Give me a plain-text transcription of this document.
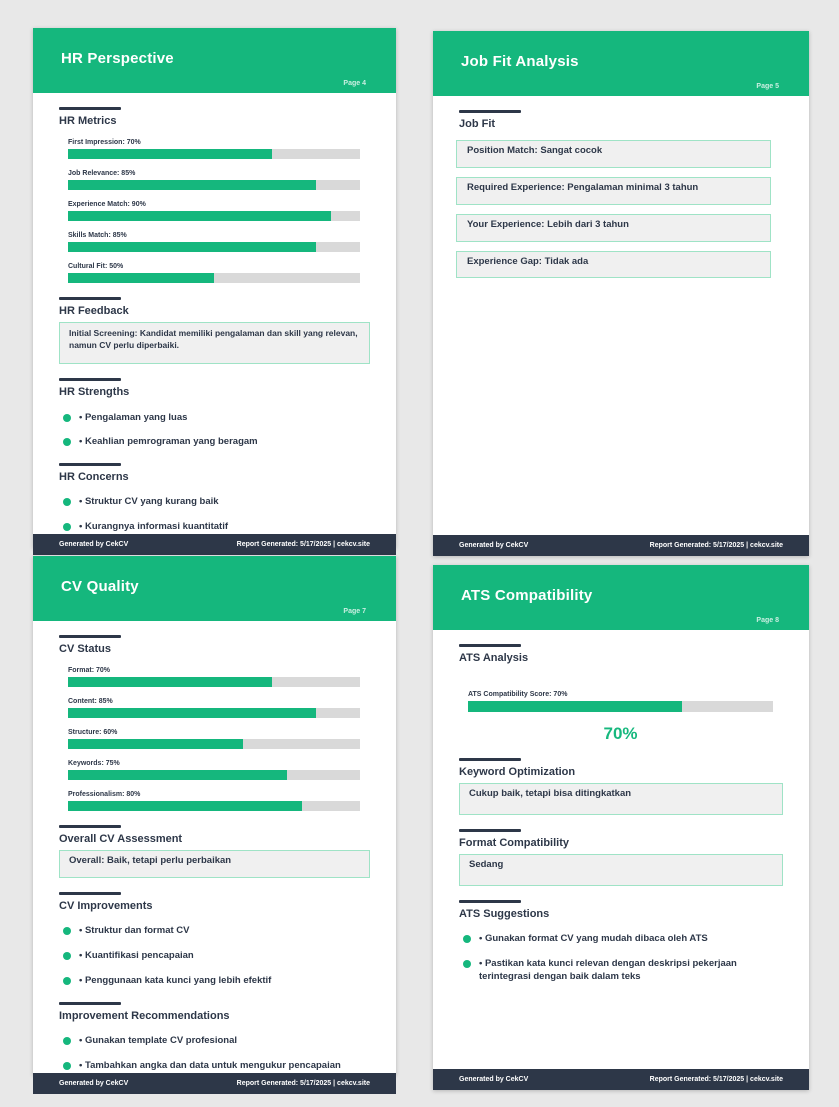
HR Perspective
Page 4
HR Metrics
First Impression: 70%
Job Relevance: 85%
Experience Match: 90%
Skills Match: 85%
Cultural Fit: 50%
HR Feedback
Initial Screening: Kandidat memiliki pengalaman dan skill yang relevan, namun CV perlu diperbaiki.
HR Strengths
• Pengalaman yang luas
• Keahlian pemrograman yang beragam
HR Concerns
• Struktur CV yang kurang baik
• Kurangnya informasi kuantitatif
Generated by CekCV	Report Generated: 5/17/2025 | cekcv.site
Job Fit Analysis
Page 5
Job Fit
Position Match: Sangat cocok
Required Experience: Pengalaman minimal 3 tahun
Your Experience: Lebih dari 3 tahun
Experience Gap: Tidak ada
Generated by CekCV	Report Generated: 5/17/2025 | cekcv.site
CV Quality
Page 7
CV Status
Format: 70%
Content: 85%
Structure: 60%
Keywords: 75%
Professionalism: 80%
Overall CV Assessment
Overall: Baik, tetapi perlu perbaikan
CV Improvements
• Struktur dan format CV
• Kuantifikasi pencapaian
• Penggunaan kata kunci yang lebih efektif
Improvement Recommendations
• Gunakan template CV profesional
• Tambahkan angka dan data untuk mengukur pencapaian
Generated by CekCV	Report Generated: 5/17/2025 | cekcv.site
ATS Compatibility
Page 8
ATS Analysis
ATS Compatibility Score: 70%
70%
Keyword Optimization
Cukup baik, tetapi bisa ditingkatkan
Format Compatibility
Sedang
ATS Suggestions
• Gunakan format CV yang mudah dibaca oleh ATS
• Pastikan kata kunci relevan dengan deskripsi pekerjaan terintegrasi dengan baik dalam teks
Generated by CekCV	Report Generated: 5/17/2025 | cekcv.site
